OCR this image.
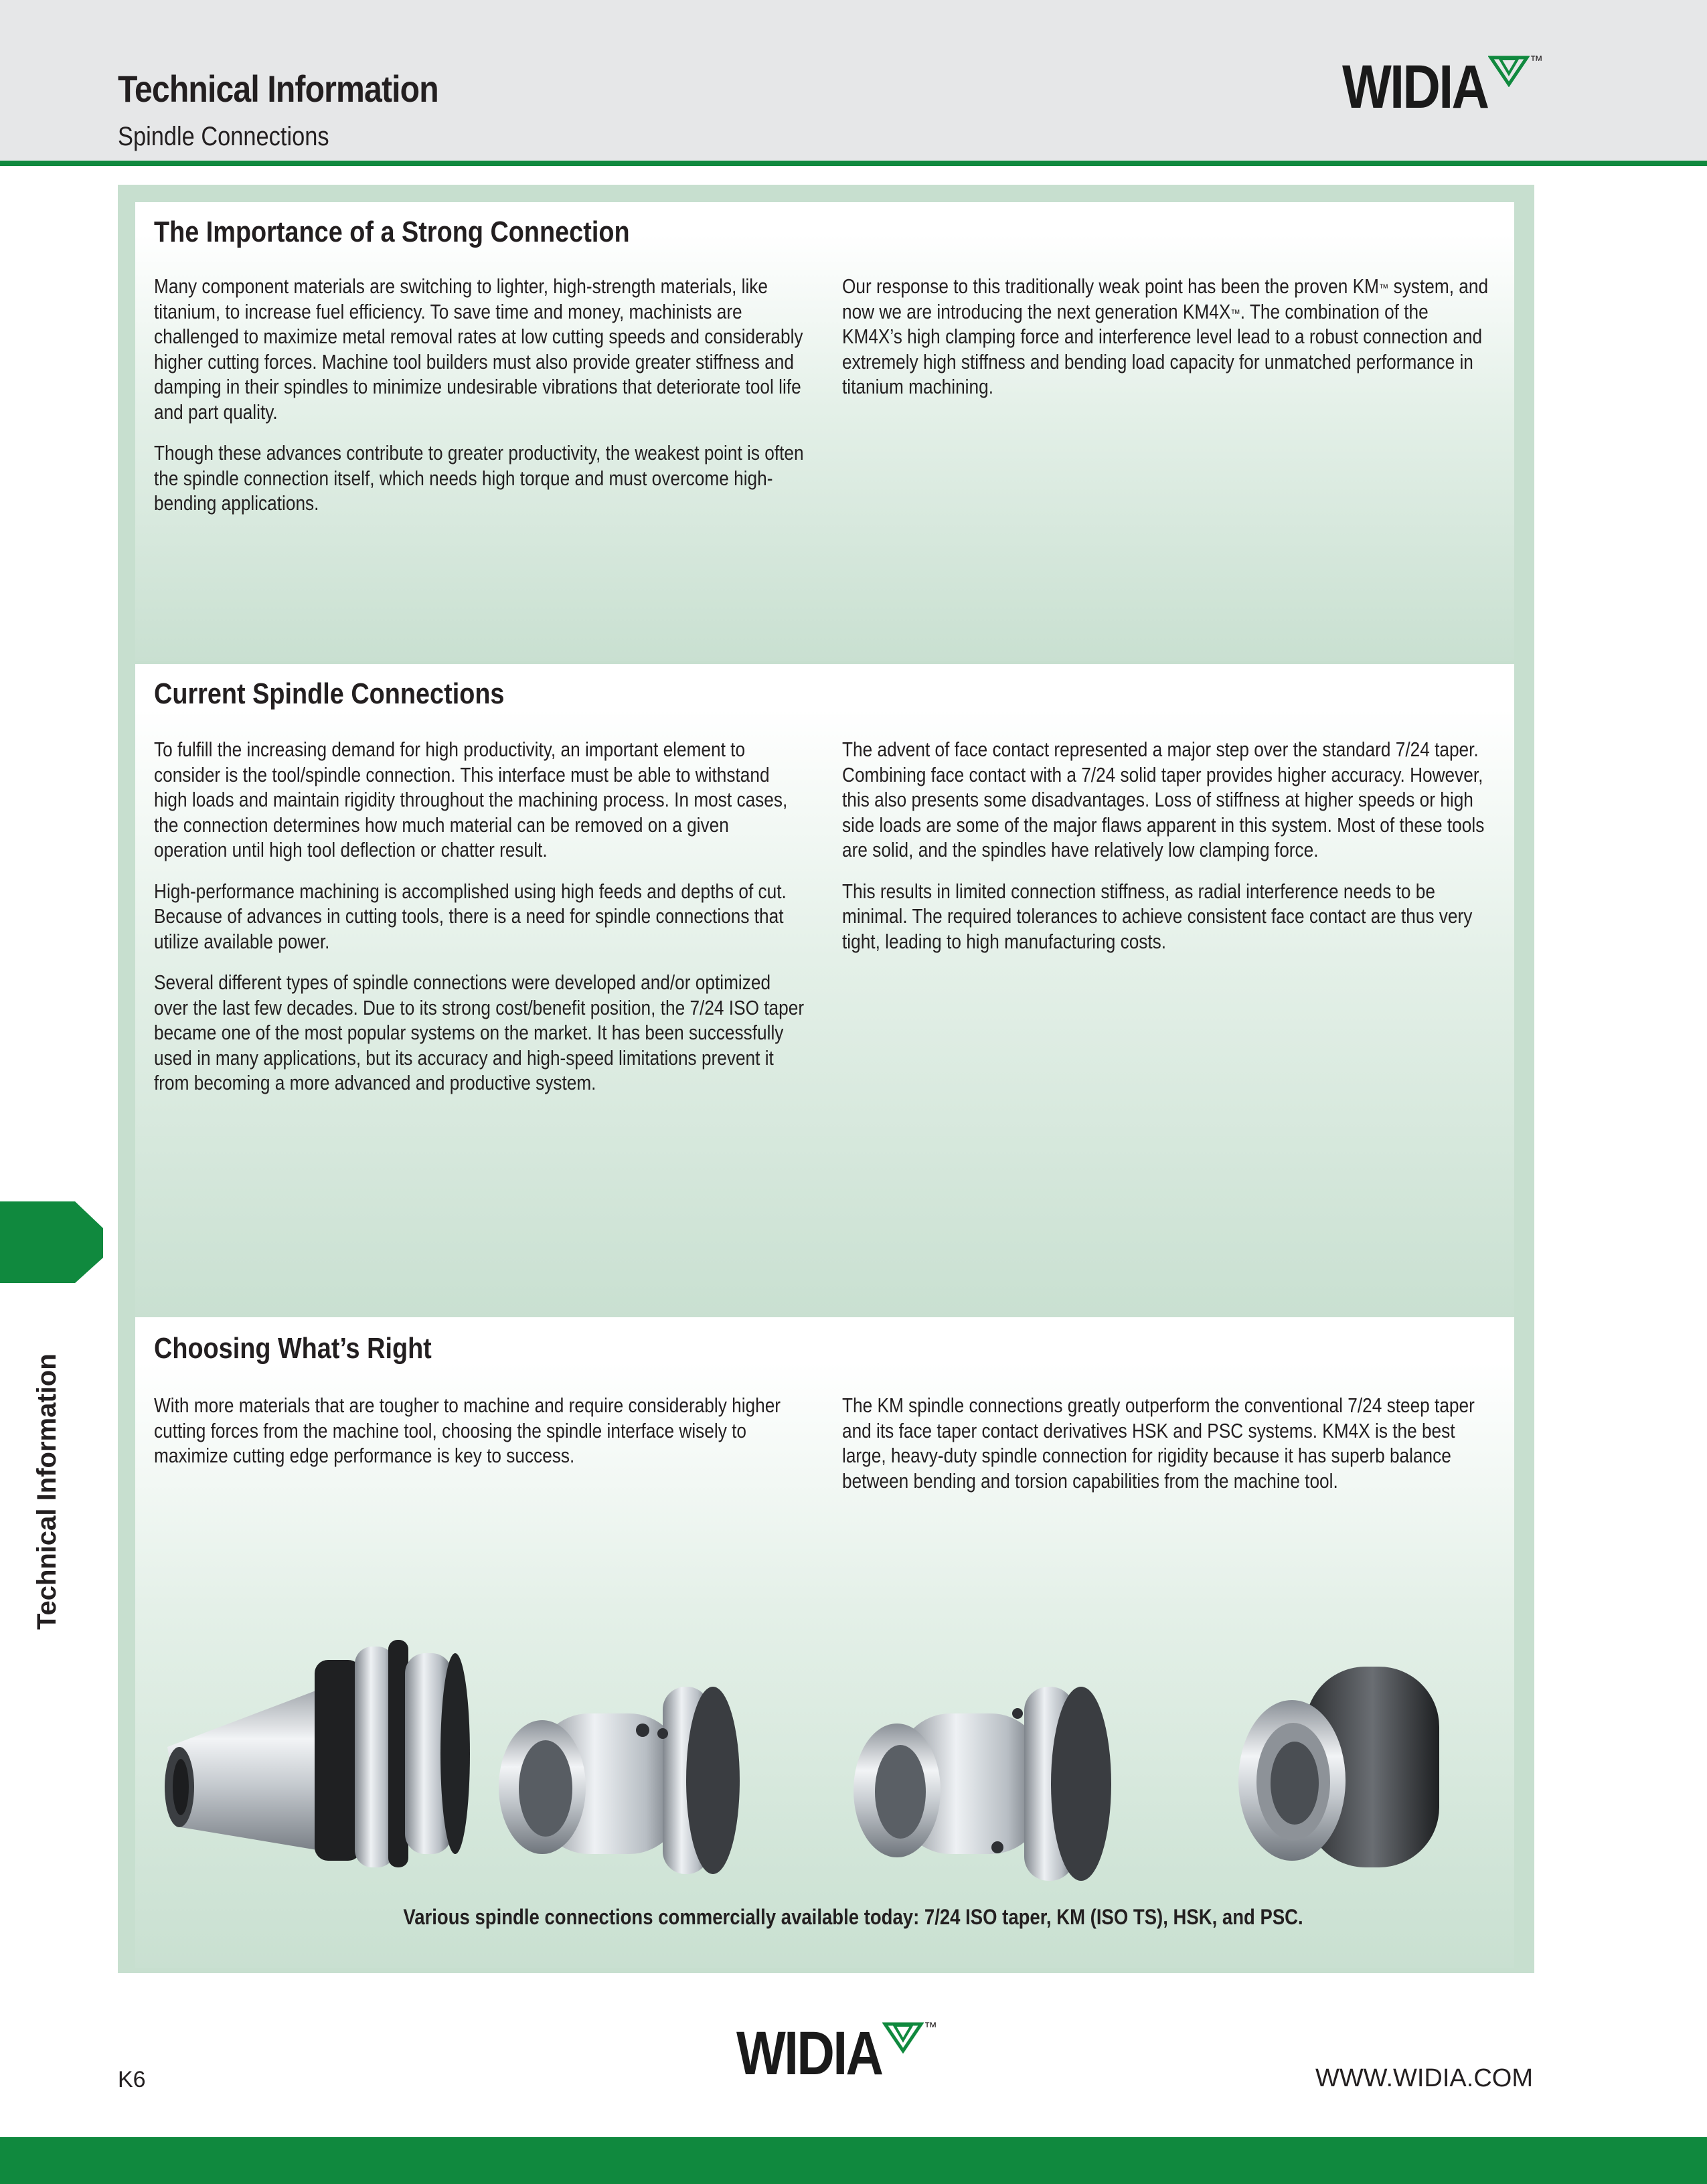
Technical Information
Spindle Connections
WIDIA	™
The Importance of a Strong Connection

Many component materials are switching to lighter, high-strength materials, like titanium, to increase fuel efficiency. To save time and money, machinists are challenged to maximize metal removal rates at low cutting speeds and considerably higher cutting forces. Machine tool builders must also provide greater stiffness and damping in their spindles to minimize undesirable vibrations that deteriorate tool life and part quality.

Though these advances contribute to greater productivity, the weakest point is often the spindle connection itself, which needs high torque and must overcome high-bending applications.

Our response to this traditionally weak point has been the proven KM™ system, and now we are introducing the next generation KM4X™. The combination of the KM4X’s high clamping force and interference level lead to a robust connection and extremely high stiffness and bending load capacity for unmatched performance in titanium machining.

Current Spindle Connections

To fulfill the increasing demand for high productivity, an important element to consider is the tool/spindle connection. This interface must be able to withstand high loads and maintain rigidity throughout the machining process. In most cases, the connection determines how much material can be removed on a given operation until high tool deflection or chatter result.

High-performance machining is accomplished using high feeds and depths of cut. Because of advances in cutting tools, there is a need for spindle connections that utilize available power.

Several different types of spindle connections were developed and/or optimized over the last few decades. Due to its strong cost/benefit position, the 7/24 ISO taper became one of the most popular systems on the market. It has been successfully used in many applications, but its accuracy and high-speed limitations prevent it from becoming a more advanced and productive system.

The advent of face contact represented a major step over the standard 7/24 taper. Combining face contact with a 7/24 solid taper provides higher accuracy. However, this also presents some disadvantages. Loss of stiffness at higher speeds or high side loads are some of the major flaws apparent in this system. Most of these tools are solid, and the spindles have relatively low clamping force.

This results in limited connection stiffness, as radial interference needs to be minimal. The required tolerances to achieve consistent face contact are thus very tight, leading to high manufacturing costs.

Choosing What’s Right

With more materials that are tougher to machine and require considerably higher cutting forces from the machine tool, choosing the spindle interface wisely to maximize cutting edge performance is key to success.

The KM spindle connections greatly outperform the conventional 7/24 steep taper and its face taper contact derivatives HSK and PSC systems. KM4X is the best large, heavy-duty spindle connection for rigidity because it has superb balance between bending and torsion capabilities from the machine tool.

Various spindle connections commercially available today: 7/24 ISO taper, KM (ISO TS), HSK, and PSC.
Technical Information
K6	WIDIA	™
WWW.WIDIA.COM
